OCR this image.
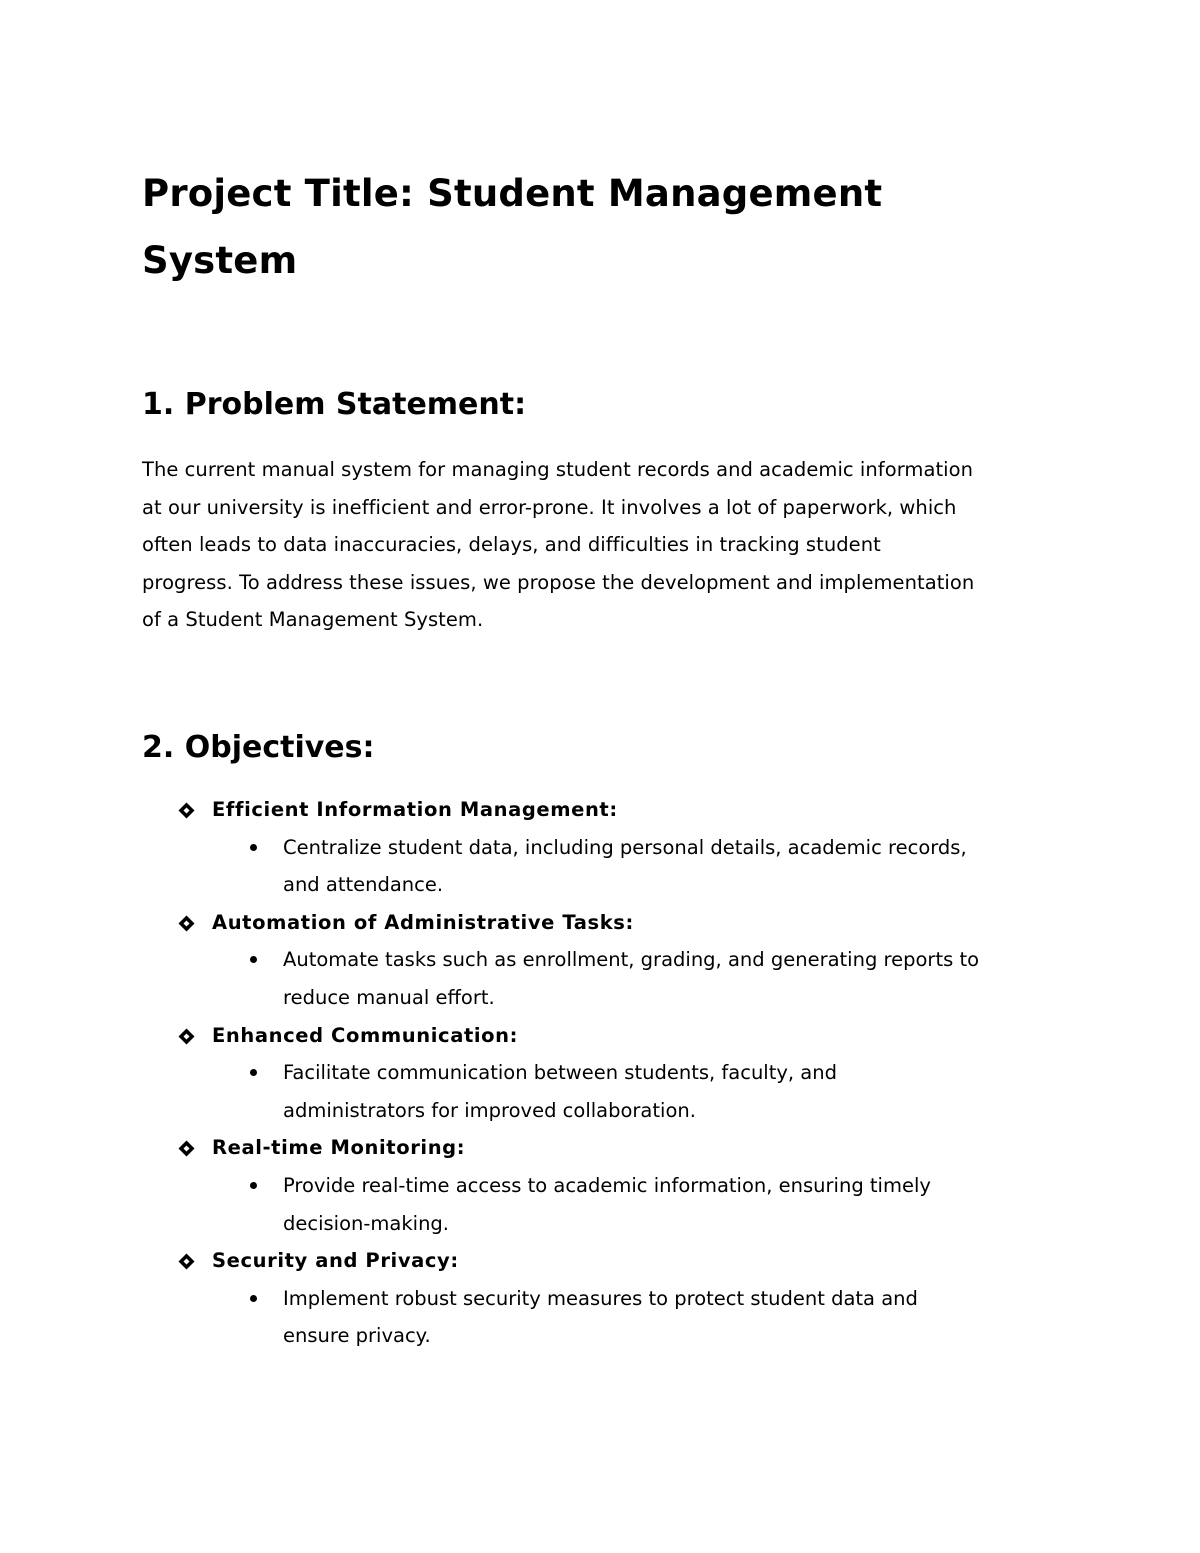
Project Title: Student Management
System
1. Problem Statement:

The current manual system for managing student records and academic information
at our university is inefficient and error-prone. It involves a lot of paperwork, which
often leads to data inaccuracies, delays, and difficulties in tracking student
progress. To address these issues, we propose the development and implementation
of a Student Management System.

2. Objectives:
Efficient Information Management:
Centralize student data, including personal details, academic records,
and attendance.
Automation of Administrative Tasks:
Automate tasks such as enrollment, grading, and generating reports to
reduce manual effort.
Enhanced Communication:
Facilitate communication between students, faculty, and
administrators for improved collaboration.
Real-time Monitoring:
Provide real-time access to academic information, ensuring timely
decision-making.
Security and Privacy:
Implement robust security measures to protect student data and
ensure privacy.
